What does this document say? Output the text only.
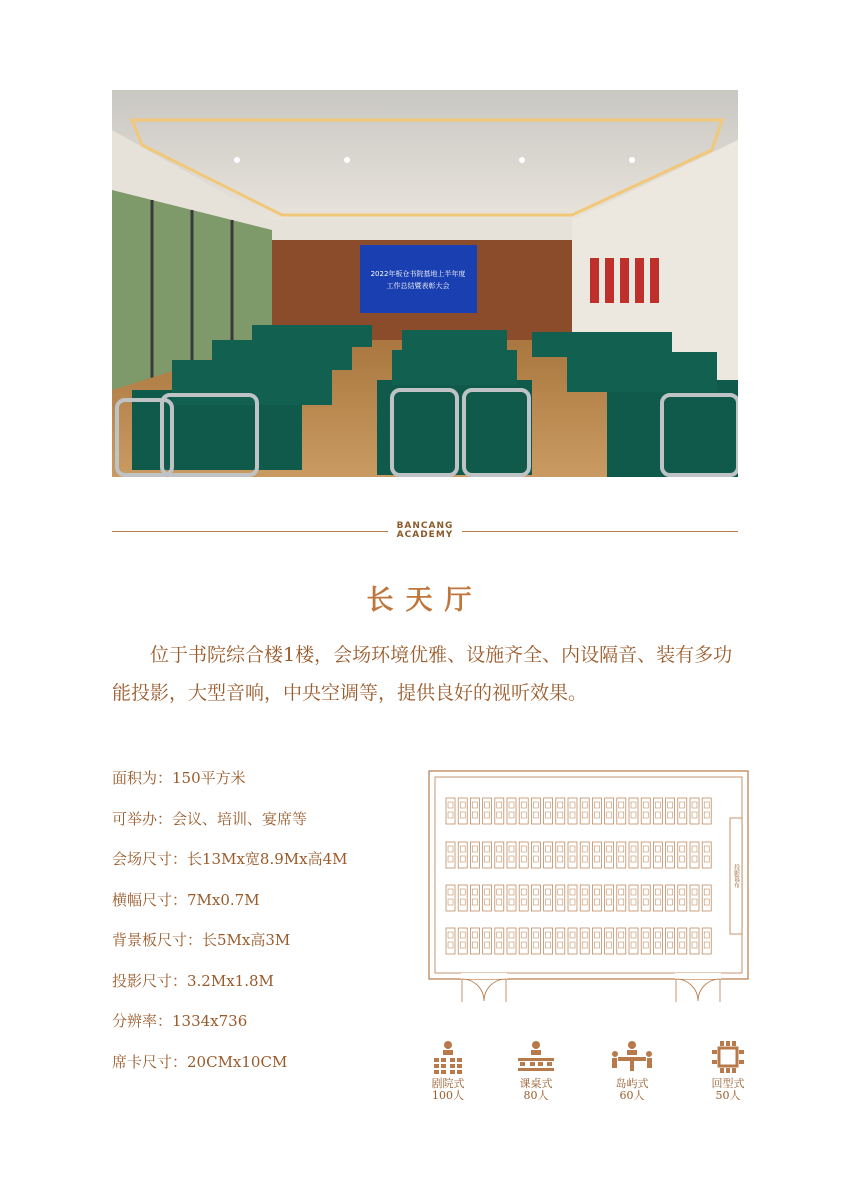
2022年板仓书院基地上半年度
工作总结暨表彰大会
BANCANG
ACADEMY
长天厅
位于书院综合楼1楼，会场环境优雅、设施齐全、内设隔音、装有多功能投影，大型音响，中央空调等，提供良好的视听效果。
面积为：150平方米
可举办：会议、培训、宴席等
会场尺寸：长13Mx宽8.9Mx高4M
横幅尺寸：7Mx0.7M
背景板尺寸：长5Mx高3M
投影尺寸：3.2Mx1.8M
分辨率：1334x736
席卡尺寸：20CMx10CM
投影幕布
剧院式
100人
课桌式
80人
岛屿式
60人
回型式
50人
